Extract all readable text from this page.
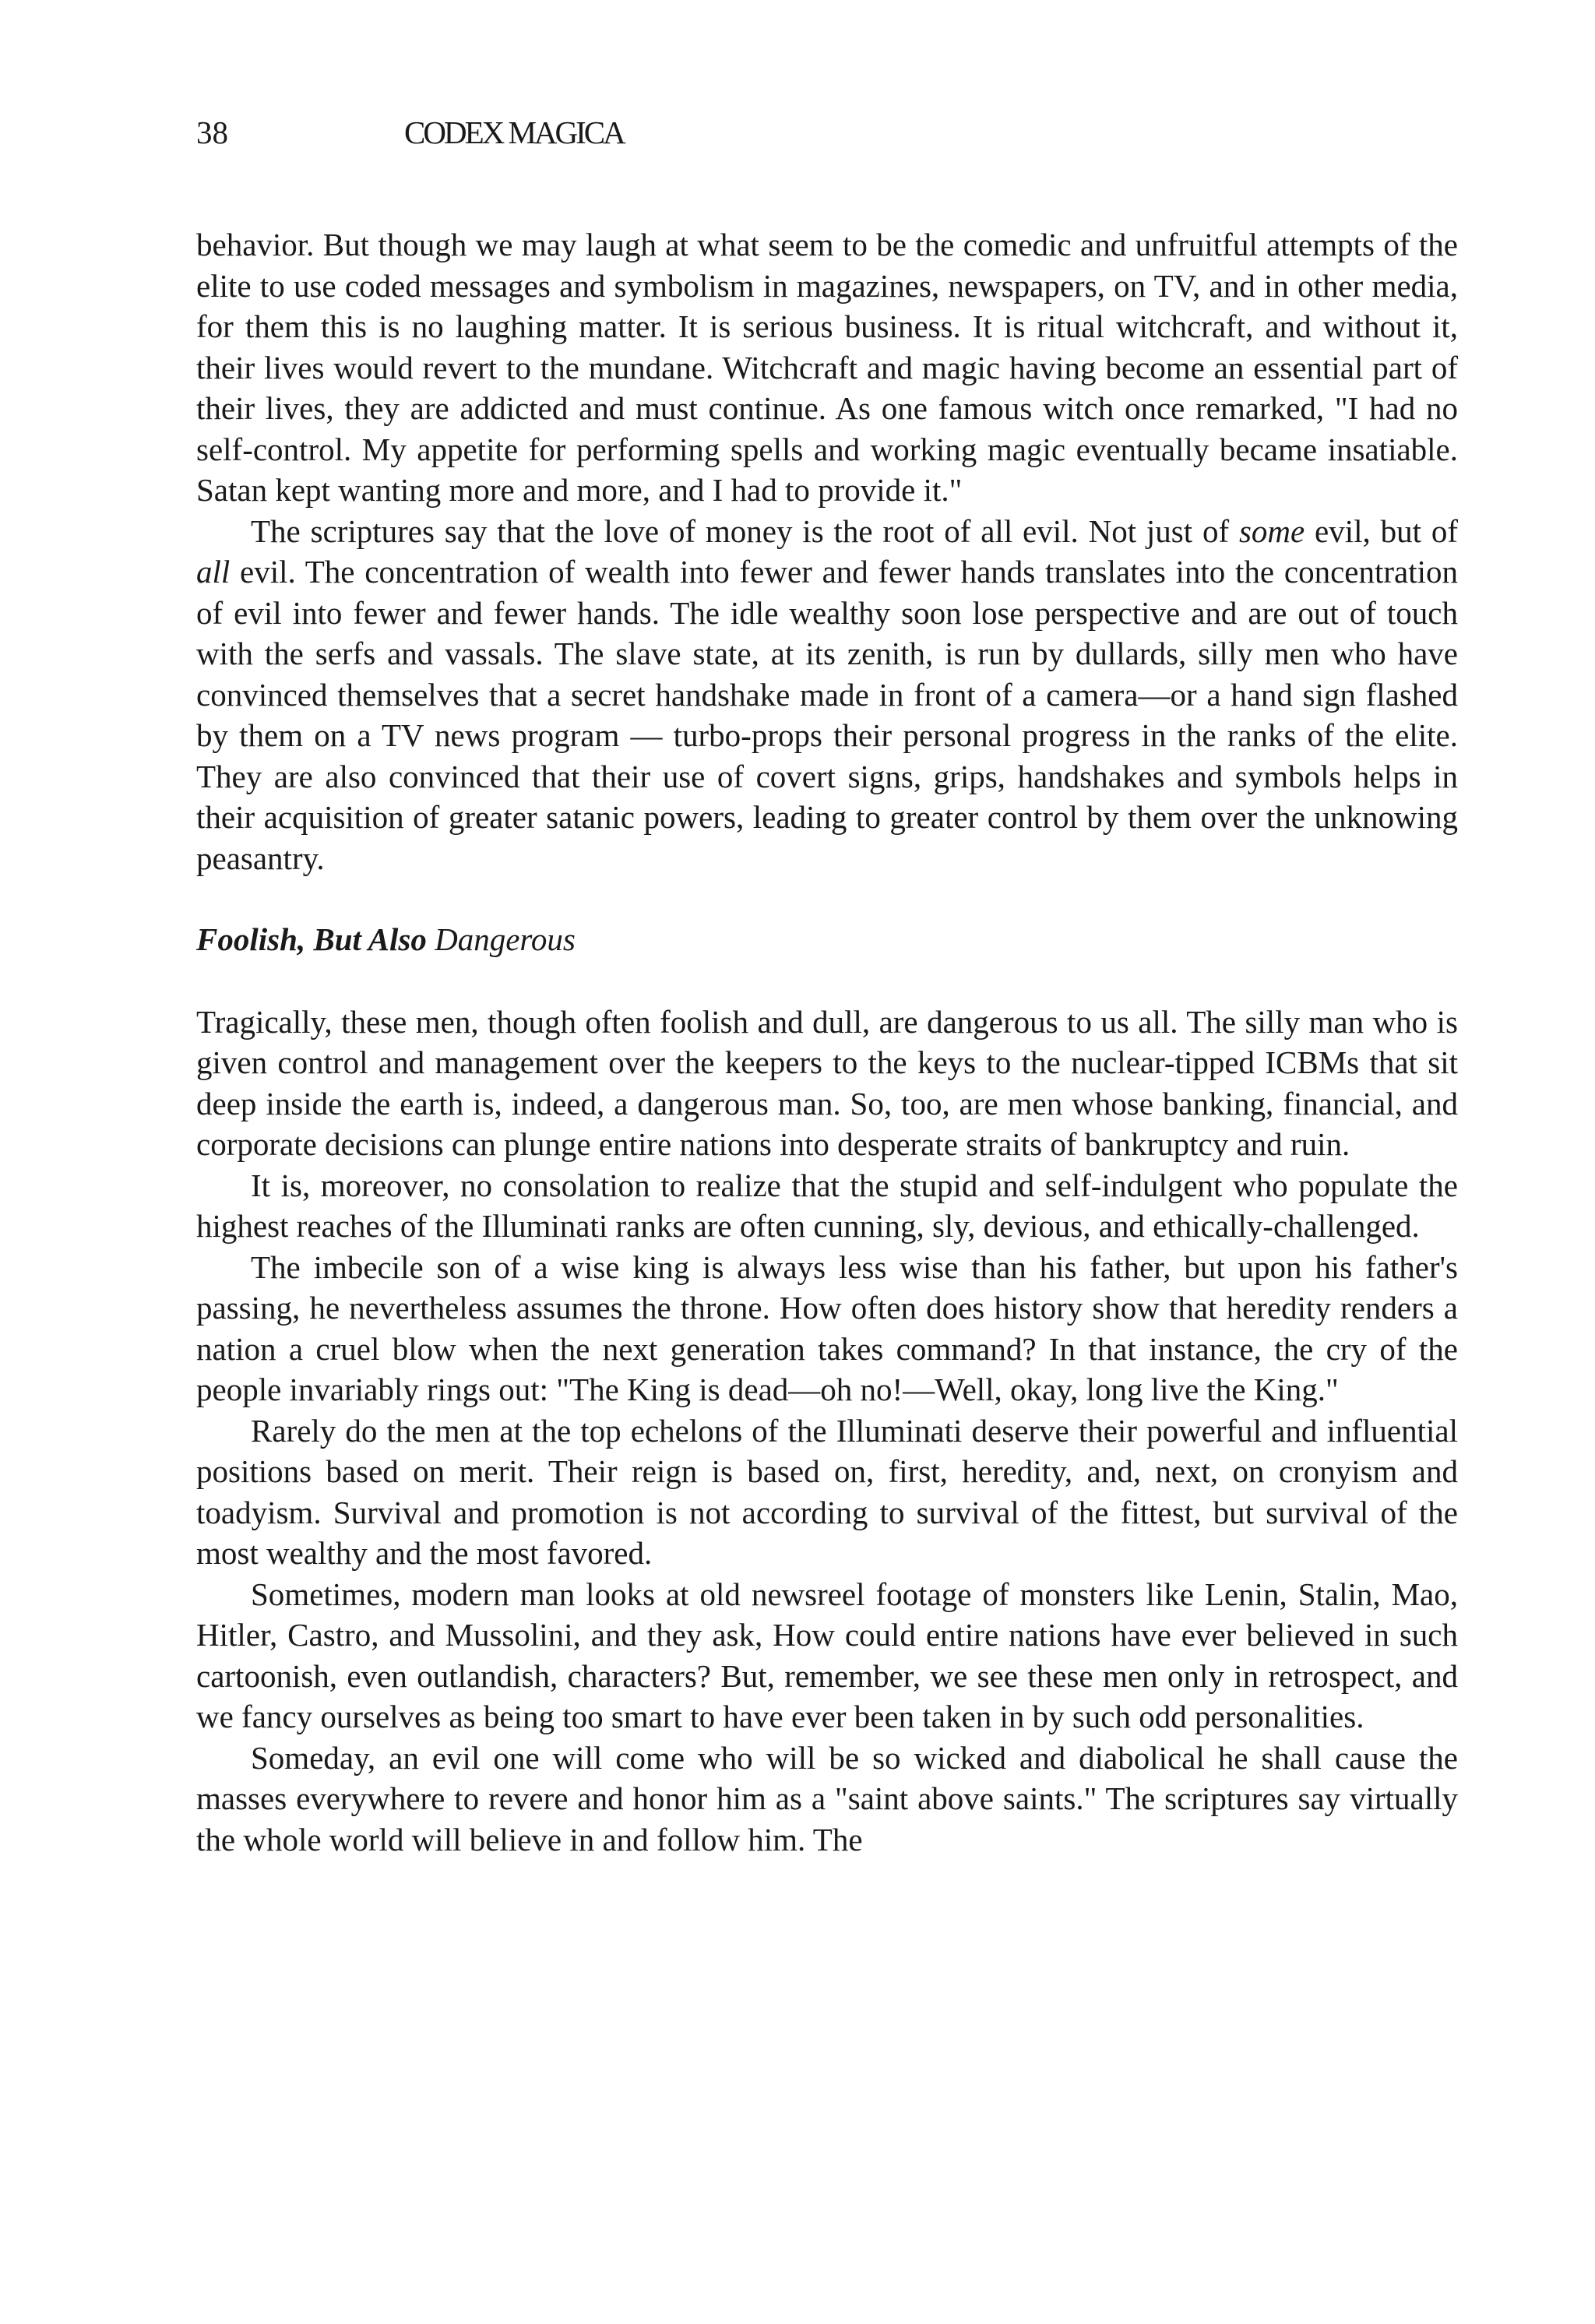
38	CODEX MAGICA

behavior. But though we may laugh at what seem to be the comedic and unfruitful attempts of the elite to use coded messages and symbolism in magazines, newspapers, on TV, and in other media, for them this is no laughing matter. It is serious business. It is ritual witchcraft, and without it, their lives would revert to the mundane. Witchcraft and magic having become an essential part of their lives, they are addicted and must continue. As one famous witch once remarked, "I had no self-control. My appetite for performing spells and working magic eventually became insatiable. Satan kept wanting more and more, and I had to provide it."

The scriptures say that the love of money is the root of all evil. Not just of some evil, but of all evil. The concentration of wealth into fewer and fewer hands translates into the concentration of evil into fewer and fewer hands. The idle wealthy soon lose perspective and are out of touch with the serfs and vassals. The slave state, at its zenith, is run by dullards, silly men who have convinced themselves that a secret handshake made in front of a camera—or a hand sign flashed by them on a TV news program — turbo-props their personal progress in the ranks of the elite. They are also convinced that their use of covert signs, grips, handshakes and symbols helps in their acquisition of greater satanic powers, leading to greater control by them over the unknowing peasantry.

Foolish, But Also Dangerous

Tragically, these men, though often foolish and dull, are dangerous to us all. The silly man who is given control and management over the keepers to the keys to the nuclear-tipped ICBMs that sit deep inside the earth is, indeed, a dangerous man. So, too, are men whose banking, financial, and corporate decisions can plunge entire nations into desperate straits of bankruptcy and ruin.

It is, moreover, no consolation to realize that the stupid and self-indulgent who populate the highest reaches of the Illuminati ranks are often cunning, sly, devious, and ethically-challenged.

The imbecile son of a wise king is always less wise than his father, but upon his father's passing, he nevertheless assumes the throne. How often does history show that heredity renders a nation a cruel blow when the next generation takes command? In that instance, the cry of the people invariably rings out: "The King is dead—oh no!—Well, okay, long live the King."

Rarely do the men at the top echelons of the Illuminati deserve their powerful and influential positions based on merit. Their reign is based on, first, heredity, and, next, on cronyism and toadyism. Survival and promotion is not according to survival of the fittest, but survival of the most wealthy and the most favored.

Sometimes, modern man looks at old newsreel footage of monsters like Lenin, Stalin, Mao, Hitler, Castro, and Mussolini, and they ask, How could entire nations have ever believed in such cartoonish, even outlandish, characters? But, remember, we see these men only in retrospect, and we fancy ourselves as being too smart to have ever been taken in by such odd personalities.

Someday, an evil one will come who will be so wicked and diabolical he shall cause the masses everywhere to revere and honor him as a "saint above saints." The scriptures say virtually the whole world will believe in and follow him. The
